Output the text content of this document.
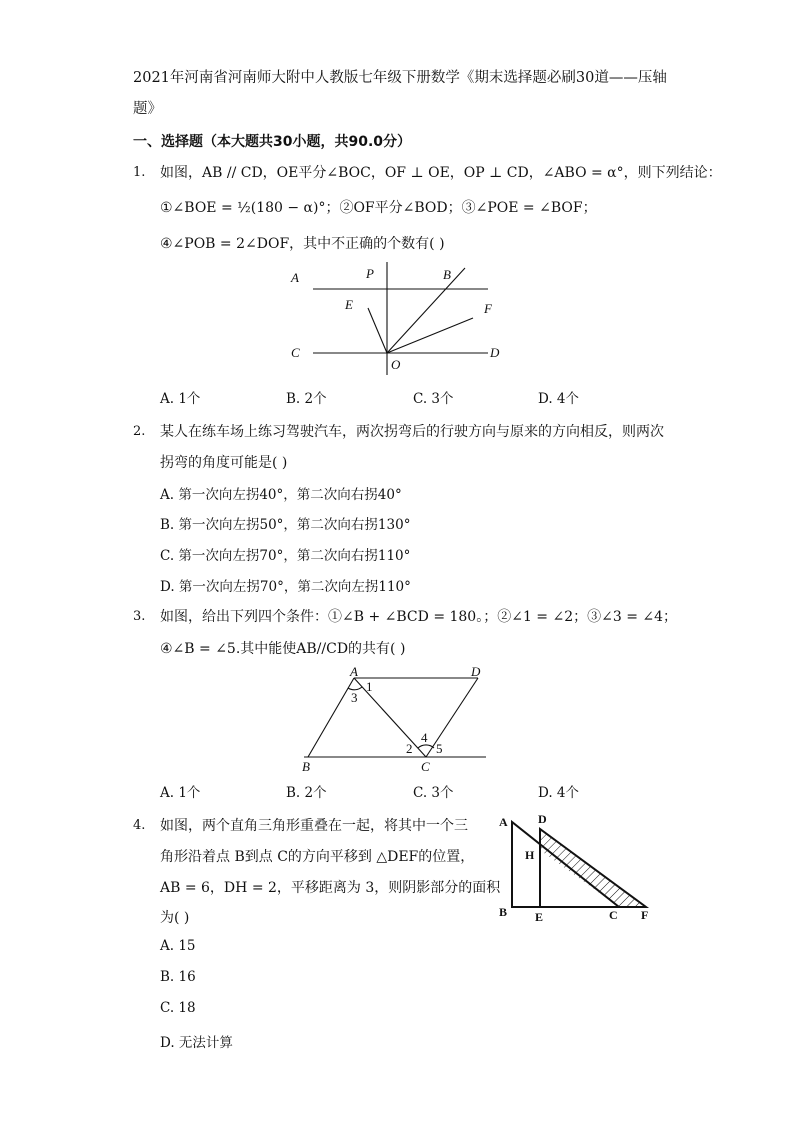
2021年河南省河南师大附中人教版七年级下册数学《期末选择题必刷30道——压轴
题》
一、选择题（本大题共30小题，共90.0分）
1. 如图，AB // CD，OE平分∠BOC，OF ⊥ OE，OP ⊥ CD，∠ABO = α°，则下列结论：
①∠BOE = ½(180 − α)°；②OF平分∠BOD；③∠POE = ∠BOF；
④∠POB = 2∠DOF，其中不正确的个数有( )
A	P	B
E	F
C
O
D
A. 1个	B. 2个	C. 3个	D. 4个
2. 某人在练车场上练习驾驶汽车，两次拐弯后的行驶方向与原来的方向相反，则两次
拐弯的角度可能是( )
A. 第一次向左拐40°，第二次向右拐40°
B. 第一次向左拐50°，第二次向右拐130°
C. 第一次向左拐70°，第二次向右拐110°
D. 第一次向左拐70°，第二次向左拐110°
3. 如图，给出下列四个条件：①∠B + ∠BCD = 180。；②∠1 = ∠2；③∠3 = ∠4；
④∠B = ∠5.其中能使AB//CD的共有( )
A
1
D
3
4
2 5
B	C
A. 1个	B. 2个	C. 3个	D. 4个
4. 如图，两个直角三角形重叠在一起，将其中一个三
角形沿着点 B到点 C的方向平移到 △DEF的位置，
AB = 6，DH = 2，平移距离为 3，则阴影部分的面积
为( )
A	D
H
B E	C F
A. 15
B. 16
C. 18
D. 无法计算
